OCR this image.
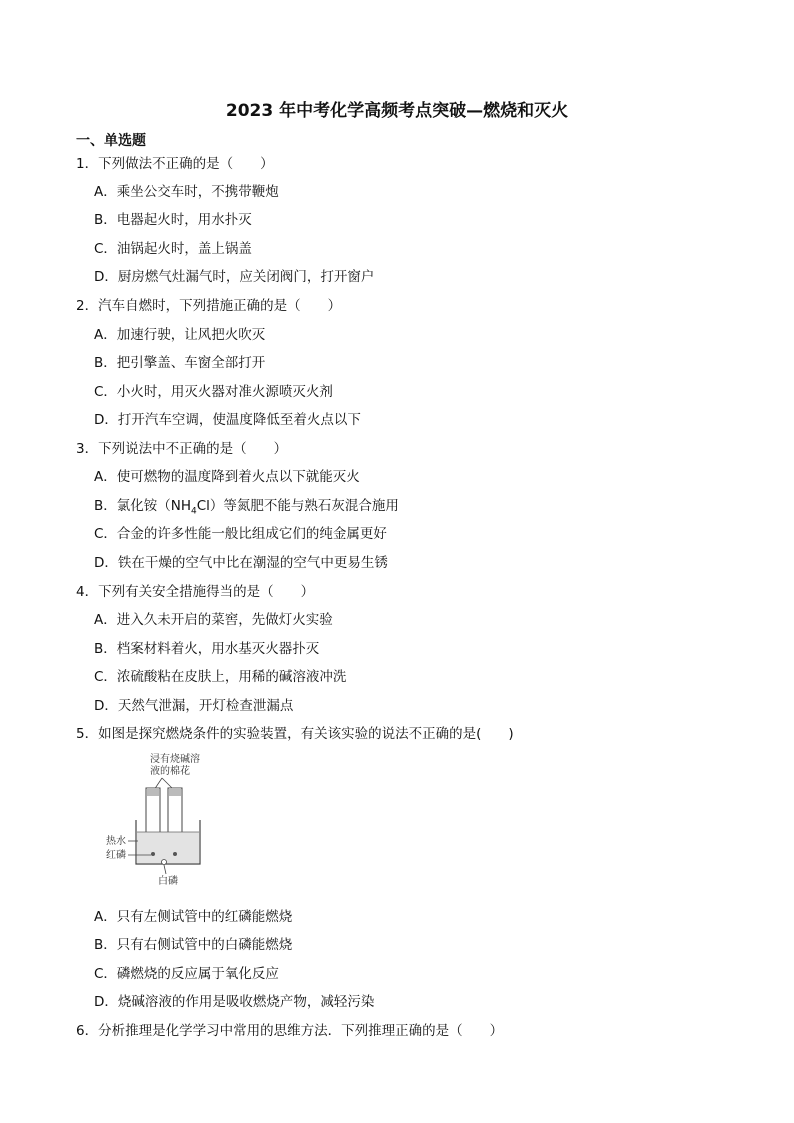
2023 年中考化学高频考点突破—燃烧和灭火
一、单选题
1．下列做法不正确的是（　　）
A．乘坐公交车时，不携带鞭炮
B．电器起火时，用水扑灭
C．油锅起火时，盖上锅盖
D．厨房燃气灶漏气时，应关闭阀门，打开窗户
2．汽车自燃时，下列措施正确的是（　　）
A．加速行驶，让风把火吹灭
B．把引擎盖、车窗全部打开
C．小火时，用灭火器对准火源喷灭火剂
D．打开汽车空调，使温度降低至着火点以下
3．下列说法中不正确的是（　　）
A．使可燃物的温度降到着火点以下就能灭火
B．氯化铵$(NH_4Cl)$等氮肥不能与熟石灰混合施用
C．合金的许多性能一般比组成它们的纯金属更好
D．铁在干燥的空气中比在潮湿的空气中更易生锈
4．下列有关安全措施得当的是（　　）
A．进入久未开启的菜窖，先做灯火实验
B．档案材料着火，用水基灭火器扑灭
C．浓硫酸粘在皮肤上，用稀的碱溶液冲洗
D．天然气泄漏，开灯检查泄漏点
5．如图是探究燃烧条件的实验装置，有关该实验的说法不正确的是(　　)
浸有烧碱溶
液的棉花
热水
红磷
白磷
A．只有左侧试管中的红磷能燃烧
B．只有右侧试管中的白磷能燃烧
C．磷燃烧的反应属于氧化反应
D．烧碱溶液的作用是吸收燃烧产物，减轻污染
6．分析推理是化学学习中常用的思维方法．下列推理正确的是（　　）
